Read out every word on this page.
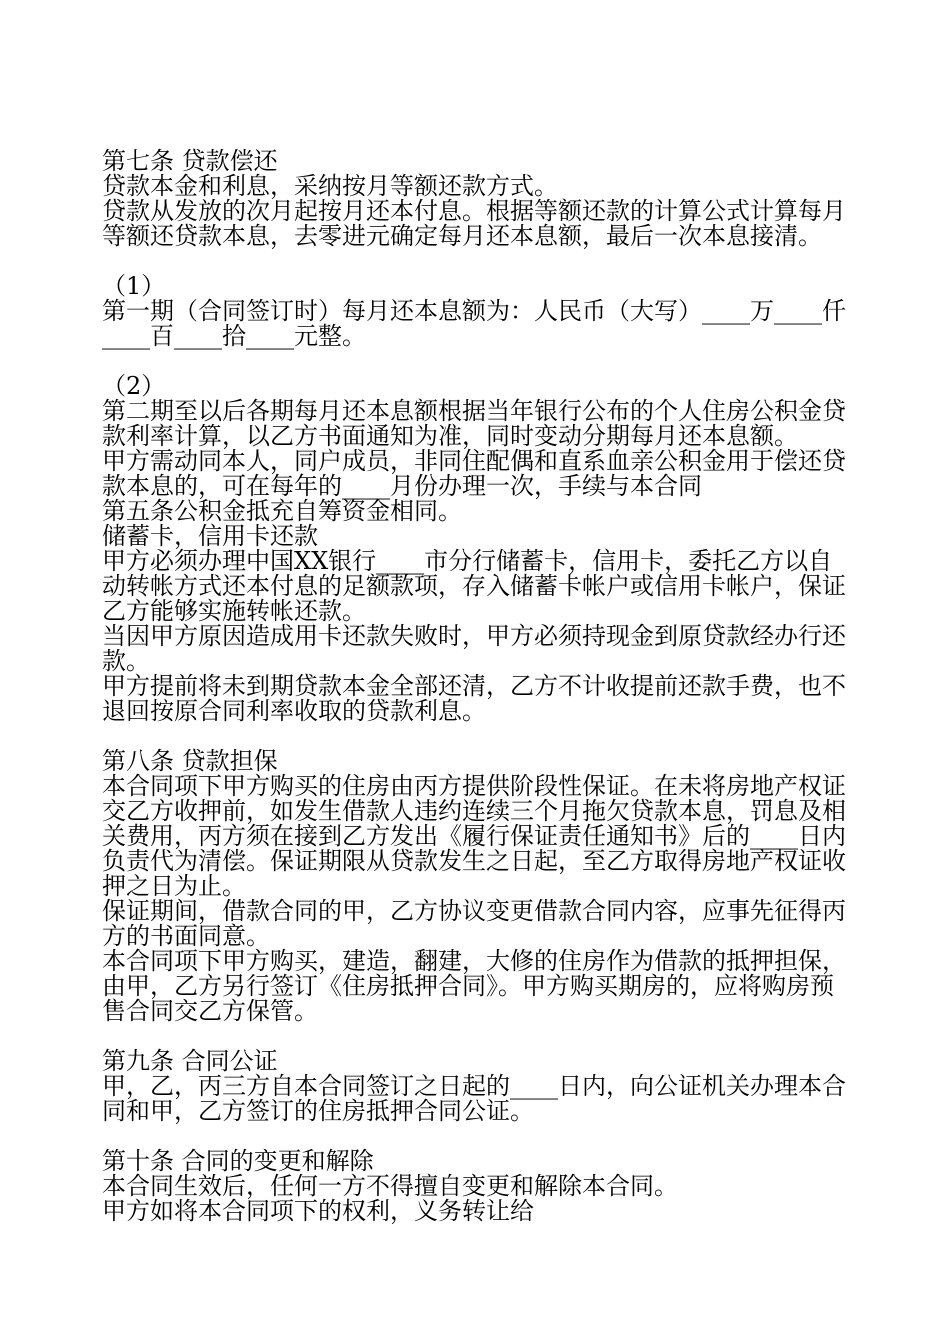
第七条 贷款偿还
贷款本金和利息，采纳按月等额还款方式。
贷款从发放的次月起按月还本付息。根据等额还款的计算公式计算每月
等额还贷款本息，去零进元确定每月还本息额，最后一次本息接清。
（1）
第一期（合同签订时）每月还本息额为：人民币（大写）____万____仟
____百____拾____元整。
（2）
第二期至以后各期每月还本息额根据当年银行公布的个人住房公积金贷
款利率计算，以乙方书面通知为准，同时变动分期每月还本息额。
甲方需动同本人，同户成员，非同住配偶和直系血亲公积金用于偿还贷
款本息的，可在每年的____月份办理一次，手续与本合同
第五条公积金抵充自筹资金相同。
储蓄卡，信用卡还款
甲方必须办理中国XX银行____市分行储蓄卡，信用卡，委托乙方以自
动转帐方式还本付息的足额款项，存入储蓄卡帐户或信用卡帐户，保证
乙方能够实施转帐还款。
当因甲方原因造成用卡还款失败时，甲方必须持现金到原贷款经办行还
款。
甲方提前将未到期贷款本金全部还清，乙方不计收提前还款手费，也不
退回按原合同利率收取的贷款利息。
第八条 贷款担保
本合同项下甲方购买的住房由丙方提供阶段性保证。在未将房地产权证
交乙方收押前，如发生借款人违约连续三个月拖欠贷款本息，罚息及相
关费用，丙方须在接到乙方发出《履行保证责任通知书》后的____日内
负责代为清偿。保证期限从贷款发生之日起，至乙方取得房地产权证收
押之日为止。
保证期间，借款合同的甲，乙方协议变更借款合同内容，应事先征得丙
方的书面同意。
本合同项下甲方购买，建造，翻建，大修的住房作为借款的抵押担保，
由甲，乙方另行签订《住房抵押合同》。甲方购买期房的，应将购房预
售合同交乙方保管。
第九条 合同公证
甲，乙，丙三方自本合同签订之日起的____日内，向公证机关办理本合
同和甲，乙方签订的住房抵押合同公证。
第十条 合同的变更和解除
本合同生效后，任何一方不得擅自变更和解除本合同。
甲方如将本合同项下的权利，义务转让给
